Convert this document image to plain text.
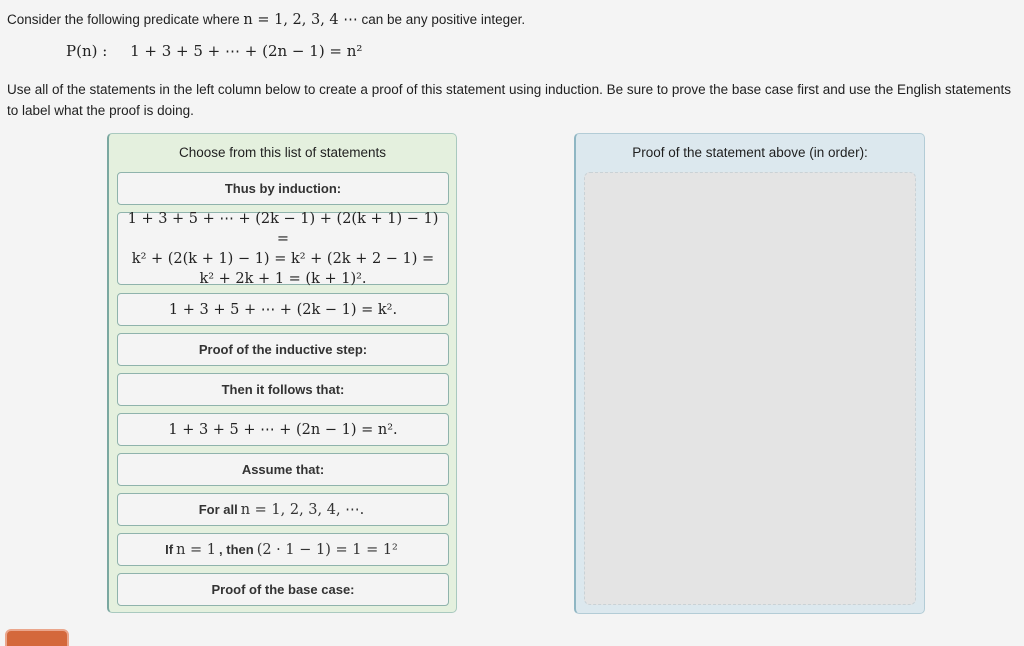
Consider the following predicate where n = 1, 2, 3, 4 ⋯ can be any positive integer.
P(n) : 1 + 3 + 5 + ⋯ + (2n − 1) = n²
Use all of the statements in the left column below to create a proof of this statement using induction. Be sure to prove the base case first and use the English statements to label what the proof is doing.
Choose from this list of statements
Thus by induction:
1 + 3 + 5 + ⋯ + (2k − 1) + (2(k + 1) − 1) =
k² + (2(k + 1) − 1) = k² + (2k + 2 − 1) =
k² + 2k + 1 = (k + 1)².
1 + 3 + 5 + ⋯ + (2k − 1) = k².
Proof of the inductive step:
Then it follows that:
1 + 3 + 5 + ⋯ + (2n − 1) = n².
Assume that:
For all n = 1, 2, 3, 4, ⋯.
If n = 1 , then (2 · 1 − 1) = 1 = 1²
Proof of the base case:
Proof of the statement above (in order):
